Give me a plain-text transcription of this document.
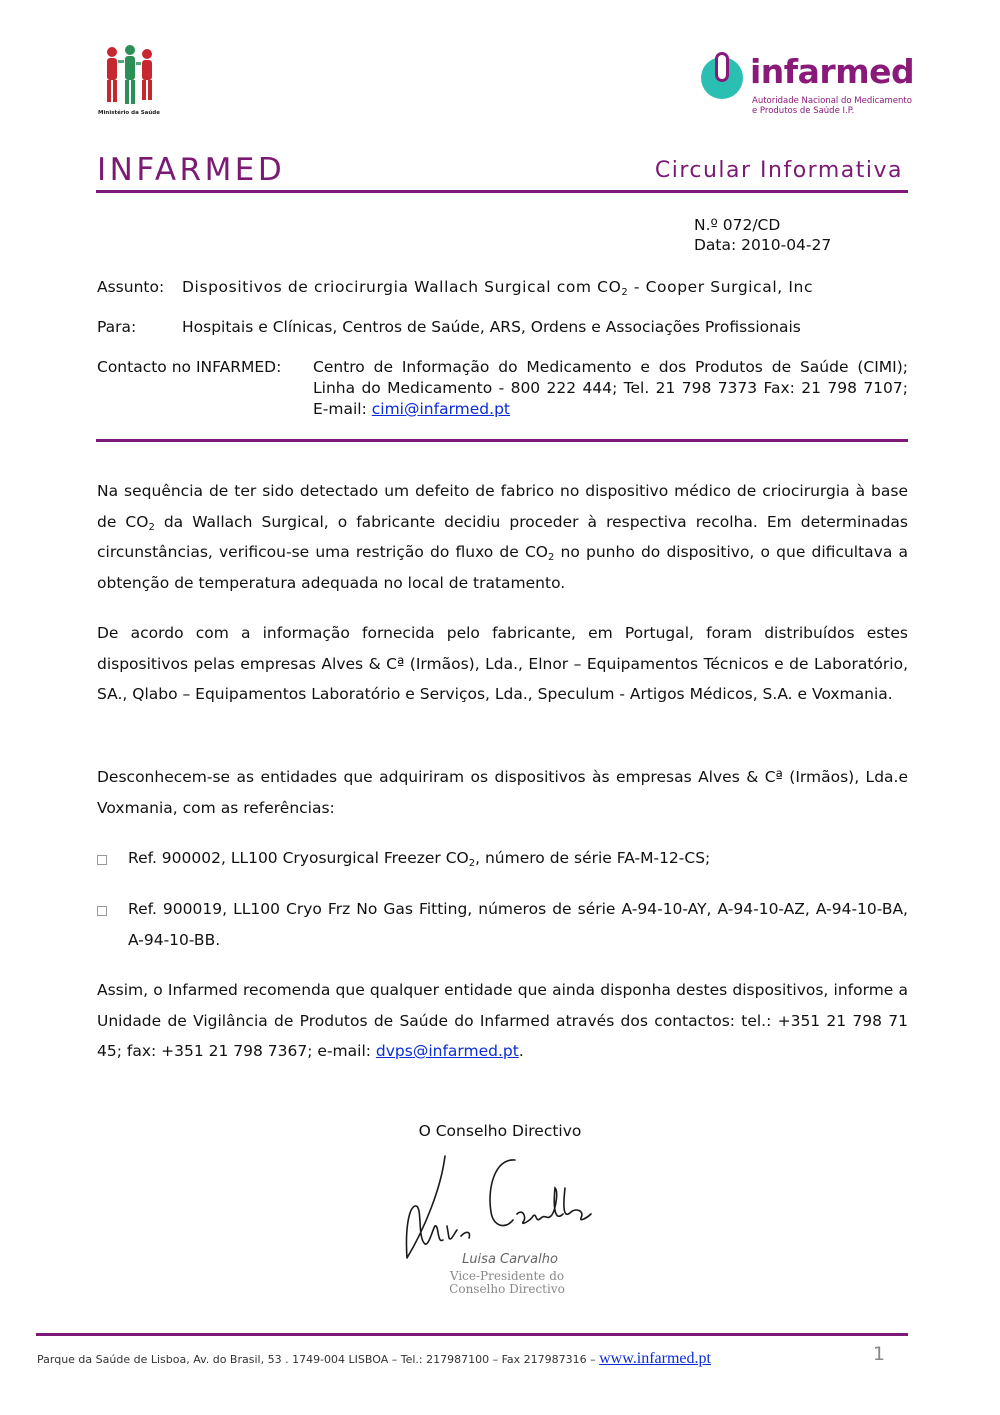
Ministério da Saúde
infarmed
Autoridade Nacional do Medicamento
e Produtos de Saúde I.P.
INFARMED	Circular Informativa
N.º 072/CD
Data: 2010-04-27
Assunto: Dispositivos de criocirurgia Wallach Surgical com $CO_2$ - Cooper Surgical, Inc
Para:	Hospitais e Clínicas, Centros de Saúde, ARS, Ordens e Associações Profissionais
Contacto no INFARMED: Centro de Informação do Medicamento e dos Produtos de Saúde (CIMI); Linha do Medicamento - 800 222 444; Tel. 21 798 7373 Fax: 21 798 7107; E-mail: cimi@infarmed.pt
Na sequência de ter sido detectado um defeito de fabrico no dispositivo médico de criocirurgia à base de $CO_2$ da Wallach Surgical, o fabricante decidiu proceder à respectiva recolha. Em determinadas circunstâncias, verificou-se uma restrição do fluxo de $CO_2$ no punho do dispositivo, o que dificultava a obtenção de temperatura adequada no local de tratamento.
De acordo com a informação fornecida pelo fabricante, em Portugal, foram distribuídos estes dispositivos pelas empresas Alves & Cª (Irmãos), Lda., Elnor – Equipamentos Técnicos e de Laboratório, SA., Qlabo – Equipamentos Laboratório e Serviços, Lda., Speculum - Artigos Médicos, S.A. e Voxmania.
Desconhecem-se as entidades que adquiriram os dispositivos às empresas Alves & Cª (Irmãos), Lda.e Voxmania, com as referências:
Ref. 900002, LL100 Cryosurgical Freezer $CO_2$, número de série FA-M-12-CS;
Ref. 900019, LL100 Cryo Frz No Gas Fitting, números de série A-94-10-AY, A-94-10-AZ, A-94-10-BA, A-94-10-BB.
Assim, o Infarmed recomenda que qualquer entidade que ainda disponha destes dispositivos, informe a Unidade de Vigilância de Produtos de Saúde do Infarmed através dos contactos: tel.: +351 21 798 71 45; fax: +351 21 798 7367; e-mail: dvps@infarmed.pt.
O Conselho Directivo
Luisa Carvalho
Vice-Presidente do
Conselho Directivo
Parque da Saúde de Lisboa, Av. do Brasil, 53 . 1749-004 LISBOA – Tel.: 217987100 – Fax 217987316 – www.infarmed.pt	1
